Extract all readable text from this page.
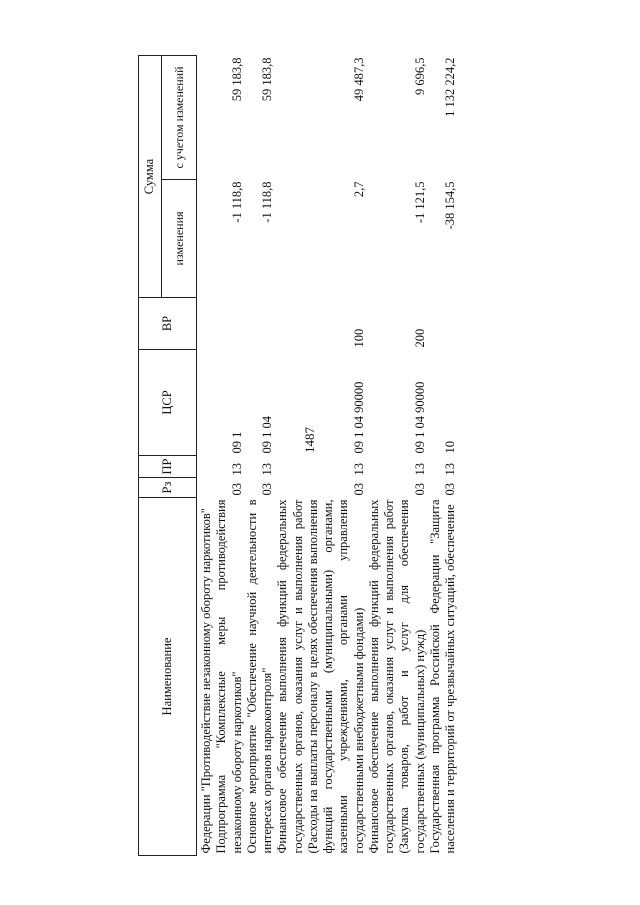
1487
Наименование	Рз	ПР	ЦСР	ВР	Сумма	
					изменения	с учетом изменений
Федерации "Противодействие незаконному обороту наркотиков"						
Подпрограмма "Комплексные меры противодействия незаконному обороту наркотиков"	03	13	09 1		-1 118,8	59 183,8
Основное мероприятие "Обеспечение научной деятельности в интересах органов наркоконтроля"	03	13	09 1 04		-1 118,8	59 183,8
Финансовое обеспечение выполнения функций федеральных государственных органов, оказания услуг и выполнения работ (Расходы на выплаты персоналу в целях обеспечения выполнения функций государственными (муниципальными) органами, казенными учреждениями, органами управления государственными внебюджетными фондами)	03	13	09 1 04 90000	100	2,7	49 487,3
Финансовое обеспечение выполнения функций федеральных государственных органов, оказания услуг и выполнения работ (Закупка товаров, работ и услуг для обеспечения государственных (муниципальных) нужд)	03	13	09 1 04 90000	200	-1 121,5	9 696,5
Государственная программа Российской Федерации "Защита населения и территорий от чрезвычайных ситуаций, обеспечение	03	13	10		-38 154,5	1 132 224,2
